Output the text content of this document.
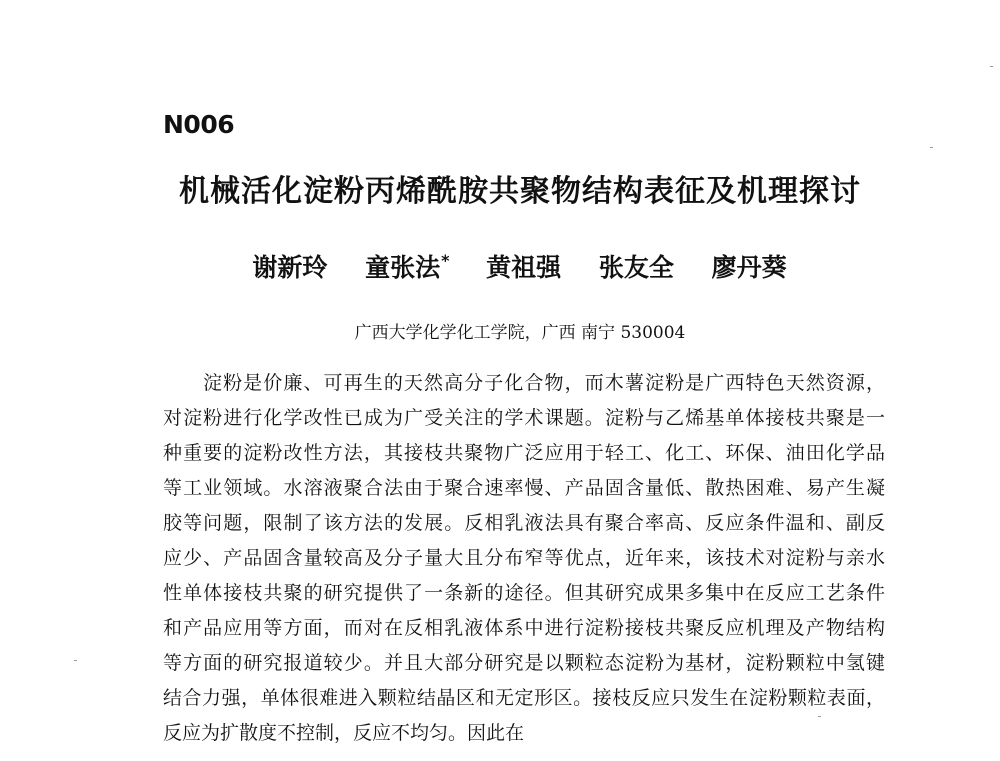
N006
机械活化淀粉丙烯酰胺共聚物结构表征及机理探讨
谢新玲 童张法* 黄祖强 张友全 廖丹葵
广西大学化学化工学院，广西 南宁 530004
淀粉是价廉、可再生的天然高分子化合物，而木薯淀粉是广西特色天然资源，
对淀粉进行化学改性已成为广受关注的学术课题。淀粉与乙烯基单体接枝共聚是一
种重要的淀粉改性方法，其接枝共聚物广泛应用于轻工、化工、环保、油田化学品
等工业领域。水溶液聚合法由于聚合速率慢、产品固含量低、散热困难、易产生凝
胶等问题，限制了该方法的发展。反相乳液法具有聚合率高、反应条件温和、副反
应少、产品固含量较高及分子量大且分布窄等优点，近年来，该技术对淀粉与亲水
性单体接枝共聚的研究提供了一条新的途径。但其研究成果多集中在反应工艺条件
和产品应用等方面，而对在反相乳液体系中进行淀粉接枝共聚反应机理及产物结构
等方面的研究报道较少。并且大部分研究是以颗粒态淀粉为基材，淀粉颗粒中氢键
结合力强，单体很难进入颗粒结晶区和无定形区。接枝反应只发生在淀粉颗粒表面，
反应为扩散度不控制，反应不均匀。因此在
